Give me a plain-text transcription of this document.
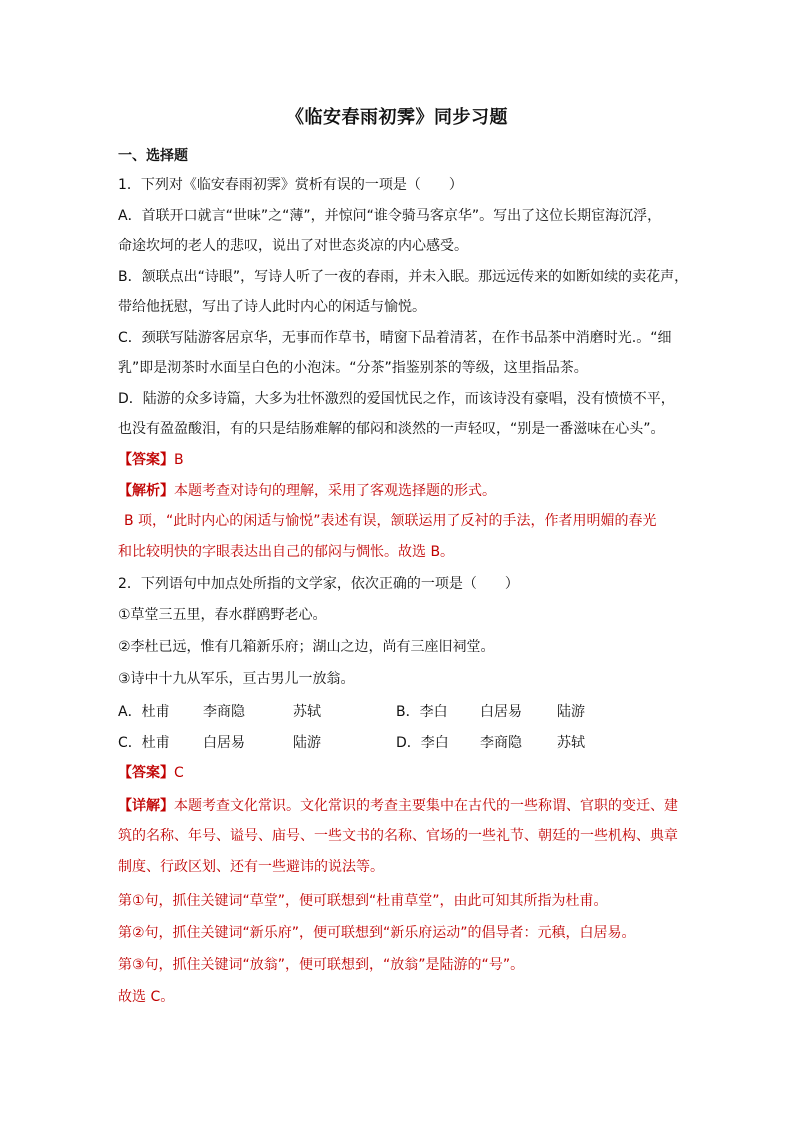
《临安春雨初霁》同步习题
一、选择题
1．下列对《临安春雨初霁》赏析有误的一项是（　　）
A．首联开口就言“世味”之“薄”，并惊问“谁令骑马客京华”。写出了这位长期宦海沉浮，
命途坎坷的老人的悲叹，说出了对世态炎凉的内心感受。
B．颔联点出“诗眼”，写诗人听了一夜的春雨，并未入眠。那远远传来的如断如续的卖花声，
带给他抚慰，写出了诗人此时内心的闲适与愉悦。
C．颈联写陆游客居京华，无事而作草书，晴窗下品着清茗，在作书品茶中消磨时光.。“细
乳”即是沏茶时水面呈白色的小泡沫。“分茶”指鉴别茶的等级，这里指品茶。
D．陆游的众多诗篇，大多为壮怀激烈的爱国忧民之作，而该诗没有豪唱，没有愤愤不平，
也没有盈盈酸泪，有的只是结肠难解的郁闷和淡然的一声轻叹，“别是一番滋味在心头”。
【答案】B
【解析】本题考查对诗句的理解，采用了客观选择题的形式。
B 项，“此时内心的闲适与愉悦”表述有误，颔联运用了反衬的手法，作者用明媚的春光
和比较明快的字眼表达出自己的郁闷与惆怅。故选 B。
2．下列语句中加点处所指的文学家，依次正确的一项是（　　）
①草堂三五里，春水群鸥野老心。
②李杜已远，惟有几箱新乐府；湖山之边，尚有三座旧祠堂。
③诗中十九从军乐，亘古男儿一放翁。
A．杜甫 李商隐	苏轼	B．李白 白居易	陆游
C．杜甫 白居易	陆游	D．李白 李商隐	苏轼
【答案】C
【详解】本题考查文化常识。文化常识的考查主要集中在古代的一些称谓、官职的变迁、建
筑的名称、年号、谥号、庙号、一些文书的名称、官场的一些礼节、朝廷的一些机构、典章
制度、行政区划、还有一些避讳的说法等。
第①句，抓住关键词“草堂”，便可联想到“杜甫草堂”，由此可知其所指为杜甫。
第②句，抓住关键词“新乐府”，便可联想到“新乐府运动”的倡导者：元稹，白居易。
第③句，抓住关键词“放翁”，便可联想到，“放翁”是陆游的“号”。
故选 C。
